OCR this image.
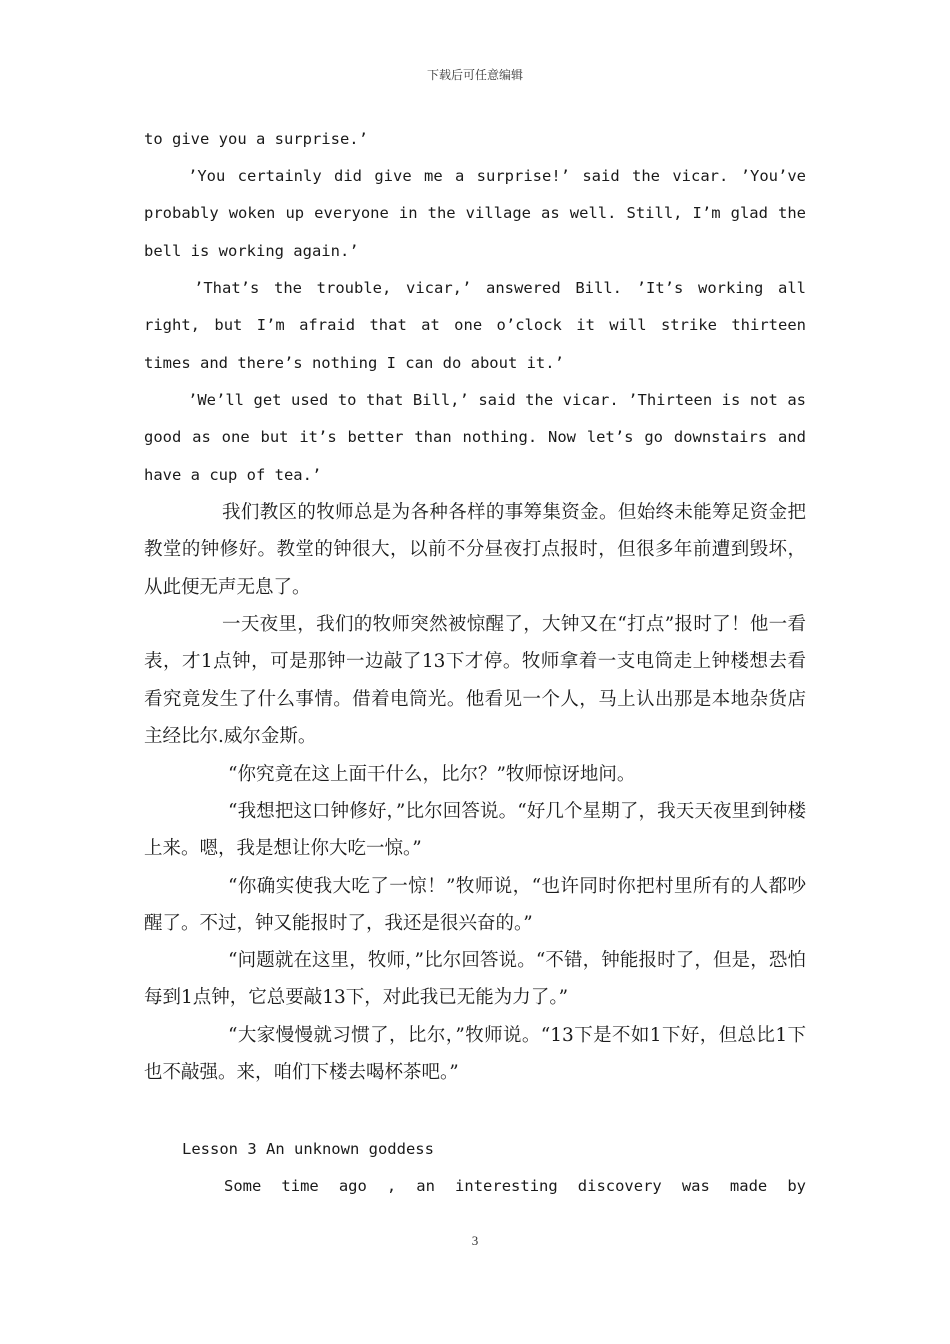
下载后可任意编辑

to give you a surprise.’

’You certainly did give me a surprise!’ said the vicar. ’You’ve probably woken up everyone in the village as well. Still, I’m glad the bell is working again.’

’That’s the trouble, vicar,’ answered Bill. ’It’s working all right, but I’m afraid that at one o’clock it will strike thirteen times and there’s nothing I can do about it.’

’We’ll get used to that Bill,’ said the vicar. ’Thirteen is not as good as one but it’s better than nothing. Now let’s go downstairs and have a cup of tea.’

我们教区的牧师总是为各种各样的事筹集资金。但始终未能筹足资金把教堂的钟修好。教堂的钟很大，以前不分昼夜打点报时，但很多年前遭到毁坏，从此便无声无息了。

一天夜里，我们的牧师突然被惊醒了，大钟又在“打点”报时了！他一看表，才1点钟，可是那钟一边敲了13下才停。牧师拿着一支电筒走上钟楼想去看看究竟发生了什么事情。借着电筒光。他看见一个人，马上认出那是本地杂货店主经比尔.威尔金斯。

“你究竟在这上面干什么，比尔？”牧师惊讶地问。

“我想把这口钟修好，”比尔回答说。“好几个星期了，我天天夜里到钟楼上来。嗯，我是想让你大吃一惊。”

“你确实使我大吃了一惊！”牧师说，“也许同时你把村里所有的人都吵醒了。不过，钟又能报时了，我还是很兴奋的。”

“问题就在这里，牧师，”比尔回答说。“不错，钟能报时了，但是，恐怕每到1点钟，它总要敲13下，对此我已无能为力了。”

“大家慢慢就习惯了，比尔，”牧师说。“13下是不如1下好，但总比1下也不敲强。来，咱们下楼去喝杯茶吧。”

Lesson 3 An unknown goddess

Some time ago , an interesting discovery was made by

3
